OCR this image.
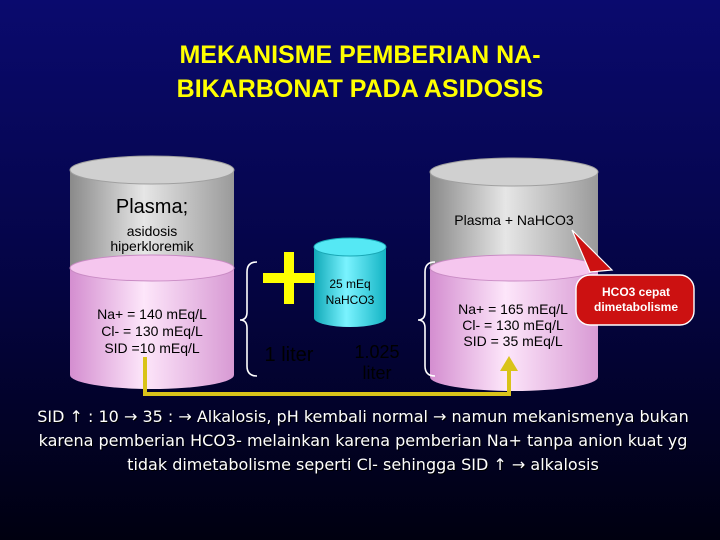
MEKANISME PEMBERIAN NA-
BIKARBONAT PADA ASIDOSIS
Plasma;
asidosis
hiperkloremik
Na+ = 140 mEq/L
Cl- = 130 mEq/L
SID =10 mEq/L
25 mEq
NaHCO3
1 liter	1.025
liter
Plasma + NaHCO3
Na+ = 165 mEq/L
Cl- = 130 mEq/L
SID = 35 mEq/L
HCO3 cepat
dimetabolisme
SID ↑ : 10 → 35 : → Alkalosis, pH kembali normal → namun mekanismenya bukan
karena pemberian HCO3- melainkan karena pemberian Na+ tanpa anion kuat yg
tidak dimetabolisme seperti Cl- sehingga SID ↑ → alkalosis
